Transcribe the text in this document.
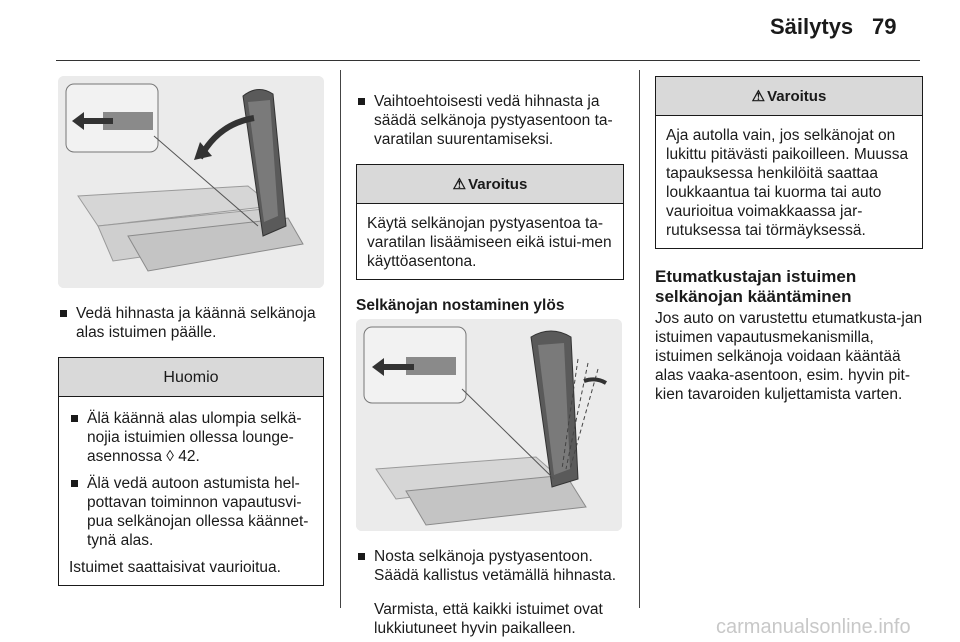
Säilytys 79

Vedä hihnasta ja käännä selkänoja alas istuimen päälle.

Huomio

Älä käännä alas ulompia selkä-nojia istuimien ollessa lounge-asennossa ◊ 42.

Älä vedä autoon astumista hel-pottavan toiminnon vapautusvi-pua selkänojan ollessa käännet-tynä alas.

Istuimet saattaisivat vaurioitua.

Vaihtoehtoisesti vedä hihnasta ja säädä selkänoja pystyasentoon ta-varatilan suurentamiseksi.

⚠ Varoitus

Käytä selkänojan pystyasentoa ta-varatilan lisäämiseen eikä istui-men käyttöasentona.

Selkänojan nostaminen ylös

Nosta selkänoja pystyasentoon. Säädä kallistus vetämällä hihnasta.

Varmista, että kaikki istuimet ovat lukkiutuneet hyvin paikalleen.

⚠ Varoitus

Aja autolla vain, jos selkänojat on lukittu pitävästi paikoilleen. Muussa tapauksessa henkilöitä saattaa loukkaantua tai kuorma tai auto vaurioitua voimakkaassa jar-rutuksessa tai törmäyksessä.

Etumatkustajan istuimen selkänojan kääntäminen

Jos auto on varustettu etumatkusta-jan istuimen vapautusmekanismilla, istuimen selkänoja voidaan kääntää alas vaaka-asentoon, esim. hyvin pit-kien tavaroiden kuljettamista varten.

carmanualsonline.info
